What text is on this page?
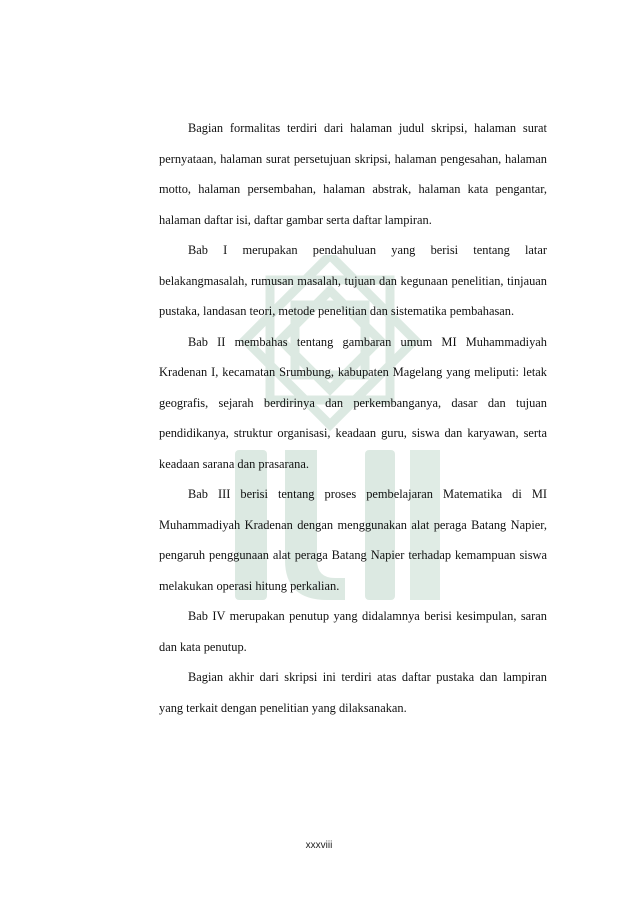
Bagian formalitas terdiri dari halaman judul skripsi, halaman surat pernyataan, halaman surat persetujuan skripsi, halaman pengesahan, halaman motto, halaman persembahan, halaman abstrak, halaman kata pengantar, halaman daftar isi, daftar gambar serta daftar lampiran.

Bab I merupakan pendahuluan yang berisi tentang latar belakangmasalah, rumusan masalah, tujuan dan kegunaan penelitian, tinjauan pustaka, landasan teori, metode penelitian dan sistematika pembahasan.

Bab II membahas tentang gambaran umum MI Muhammadiyah Kradenan I, kecamatan Srumbung, kabupaten Magelang yang meliputi: letak geografis, sejarah berdirinya dan perkembanganya, dasar dan tujuan pendidikanya, struktur organisasi, keadaan guru, siswa dan karyawan, serta keadaan sarana dan prasarana.

Bab III berisi tentang proses pembelajaran Matematika di MI Muhammadiyah Kradenan dengan menggunakan alat peraga Batang Napier, pengaruh penggunaan alat peraga Batang Napier terhadap kemampuan siswa melakukan operasi hitung perkalian.

Bab IV merupakan penutup yang didalamnya berisi kesimpulan, saran dan kata penutup.

Bagian akhir dari skripsi ini terdiri atas daftar pustaka dan lampiran yang terkait dengan penelitian yang dilaksanakan.

xxxviii
